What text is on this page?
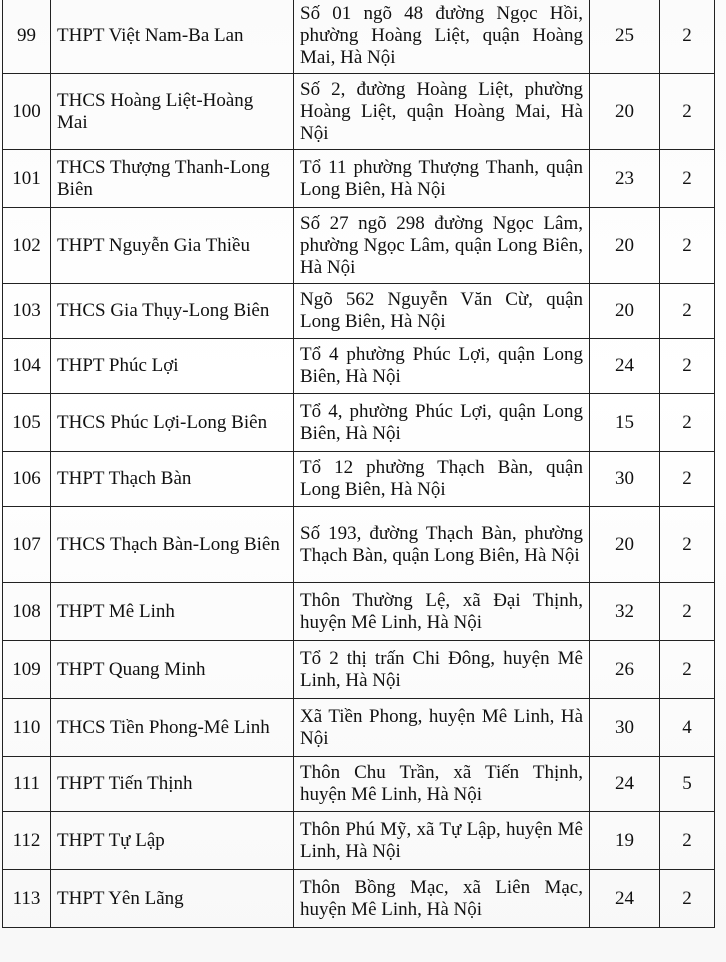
99	THPT Việt Nam-Ba Lan	Số 01 ngõ 48 đường Ngọc Hồi, phường Hoàng Liệt, quận Hoàng Mai, Hà Nội	25	2
100	THCS Hoàng Liệt-Hoàng Mai	Số 2, đường Hoàng Liệt, phường Hoàng Liệt, quận Hoàng Mai, Hà Nội	20	2
101	THCS Thượng Thanh-Long Biên	Tổ 11 phường Thượng Thanh, quận Long Biên, Hà Nội	23	2
102	THPT Nguyễn Gia Thiều	Số 27 ngõ 298 đường Ngọc Lâm, phường Ngọc Lâm, quận Long Biên, Hà Nội	20	2
103	THCS Gia Thụy-Long Biên	Ngõ 562 Nguyễn Văn Cừ, quận Long Biên, Hà Nội	20	2
104	THPT Phúc Lợi	Tổ 4 phường Phúc Lợi, quận Long Biên, Hà Nội	24	2
105	THCS Phúc Lợi-Long Biên	Tổ 4, phường Phúc Lợi, quận Long Biên, Hà Nội	15	2
106	THPT Thạch Bàn	Tổ 12 phường Thạch Bàn, quận Long Biên, Hà Nội	30	2
107	THCS Thạch Bàn-Long Biên	Số 193, đường Thạch Bàn, phường Thạch Bàn, quận Long Biên, Hà Nội	20	2
108	THPT Mê Linh	Thôn Thường Lệ, xã Đại Thịnh, huyện Mê Linh, Hà Nội	32	2
109	THPT Quang Minh	Tổ 2 thị trấn Chi Đông, huyện Mê Linh, Hà Nội	26	2
110	THCS Tiền Phong-Mê Linh	Xã Tiền Phong, huyện Mê Linh, Hà Nội	30	4
111	THPT Tiến Thịnh	Thôn Chu Trần, xã Tiến Thịnh, huyện Mê Linh, Hà Nội	24	5
112	THPT Tự Lập	Thôn Phú Mỹ, xã Tự Lập, huyện Mê Linh, Hà Nội	19	2
113	THPT Yên Lãng	Thôn Bồng Mạc, xã Liên Mạc, huyện Mê Linh, Hà Nội	24	2
